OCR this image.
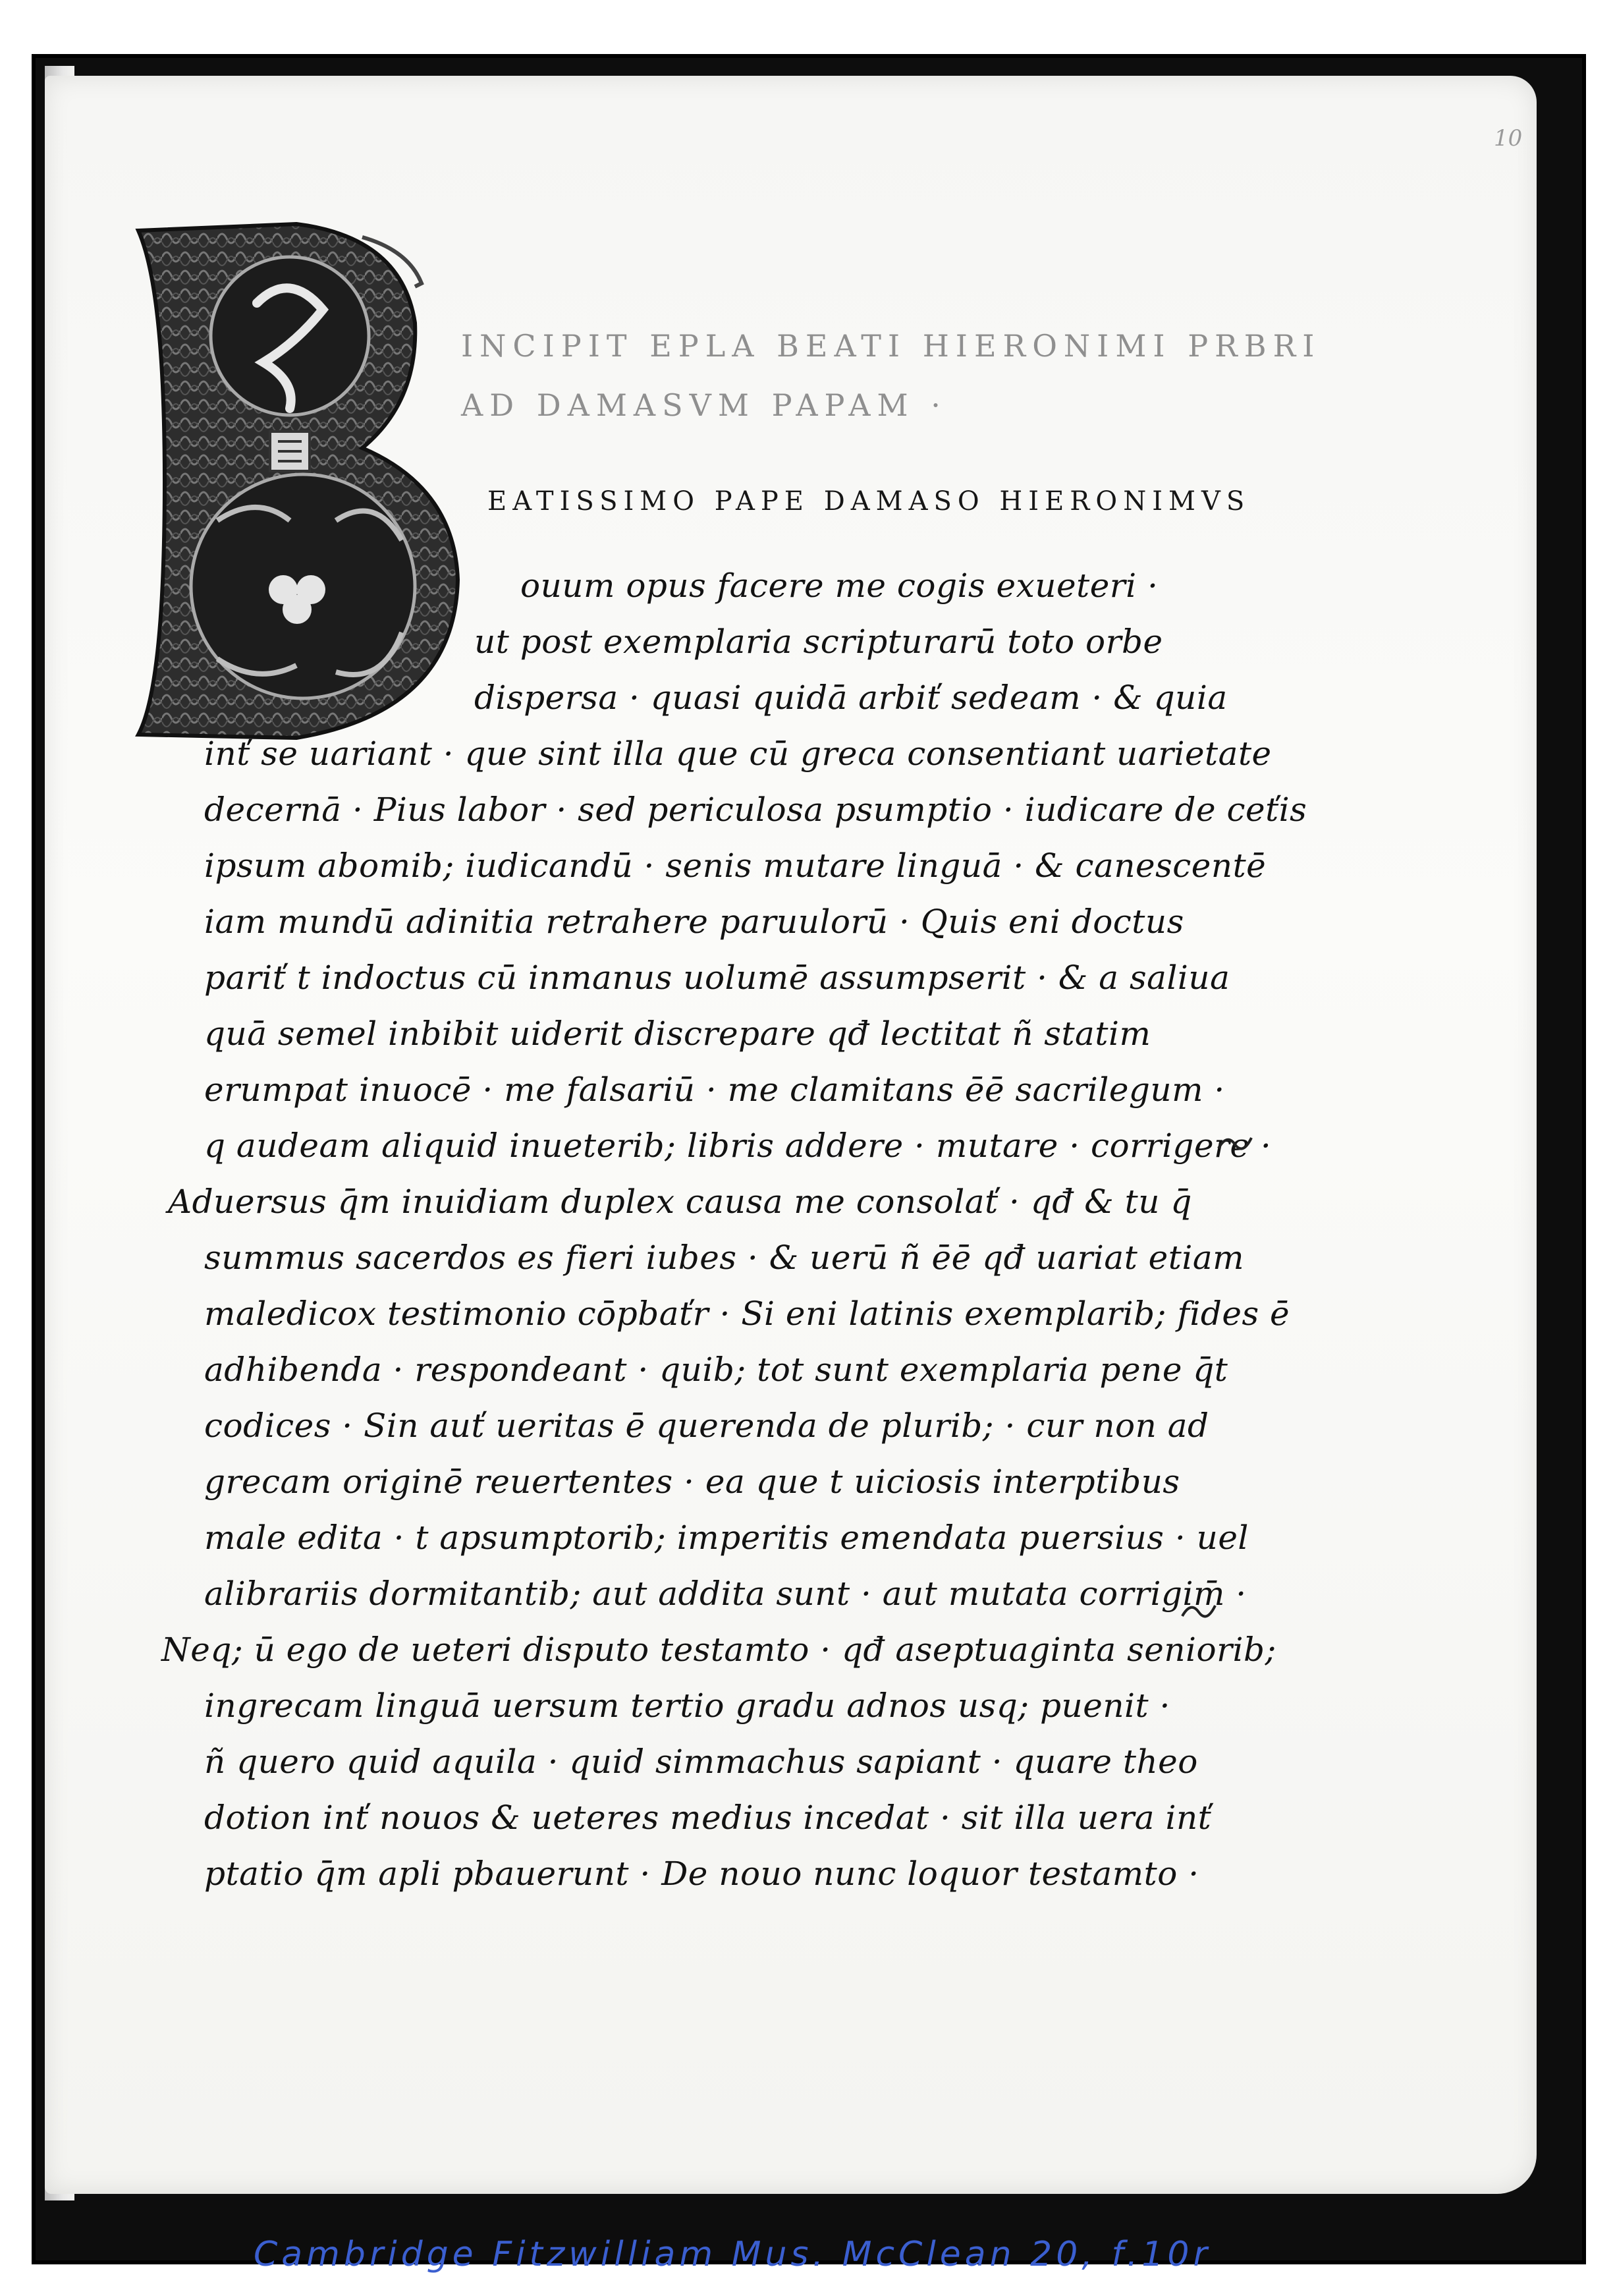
10
INCIPIT EPLA BEATI HIERONIMI PRBRI
AD DAMASVM PAPAM ·
EATISSIMO PAPE DAMASO HIERONIMVS
ouum opus facere me cogis exueteri ·
ut post exemplaria scripturarū toto orbe
dispersa · quasi quidā arbiť sedeam · & quia
inť se uariant · que sint illa que cū greca consentiant uarietate
decernā · Pius labor · sed periculosa psumptio · iudicare de ceťis
ipsum abomib; iudicandū · senis mutare linguā · & canescentē
iam mundū adinitia retrahere paruulorū · Quis eni doctus
pariť t indoctus cū inmanus uolumē assumpserit · & a saliua
quā semel inbibit uiderit discrepare qđ lectitat ñ statim
erumpat inuocē · me falsariū · me clamitans ēē sacrilegum ·
q audeam aliquid inueterib; libris addere · mutare · corrigere ·
Aduersus q̄m inuidiam duplex causa me consolať · qđ & tu q̄
summus sacerdos es fieri iubes · & uerū ñ ēē qđ uariat etiam
maledicox testimonio cōpbaťr · Si eni latinis exemplarib; fides ē
adhibenda · respondeant · quib; tot sunt exemplaria pene q̄t
codices · Sin auť ueritas ē querenda de plurib; · cur non ad
grecam originē reuertentes · ea que t uiciosis interptibus
male edita · t apsumptorib; imperitis emendata puersius · uel
alibrariis dormitantib; aut addita sunt · aut mutata corrigim̄ ·
Neq; ū ego de ueteri disputo testamto · qđ aseptuaginta seniorib;
ingrecam linguā uersum tertio gradu adnos usq; puenit ·
ñ quero quid aquila · quid simmachus sapiant · quare theo
dotion inť nouos & ueteres medius incedat · sit illa uera inť
ptatio q̄m apli pbauerunt · De nouo nunc loquor testamto ·
Cambridge Fitzwilliam Mus. McClean 20, f.10r
